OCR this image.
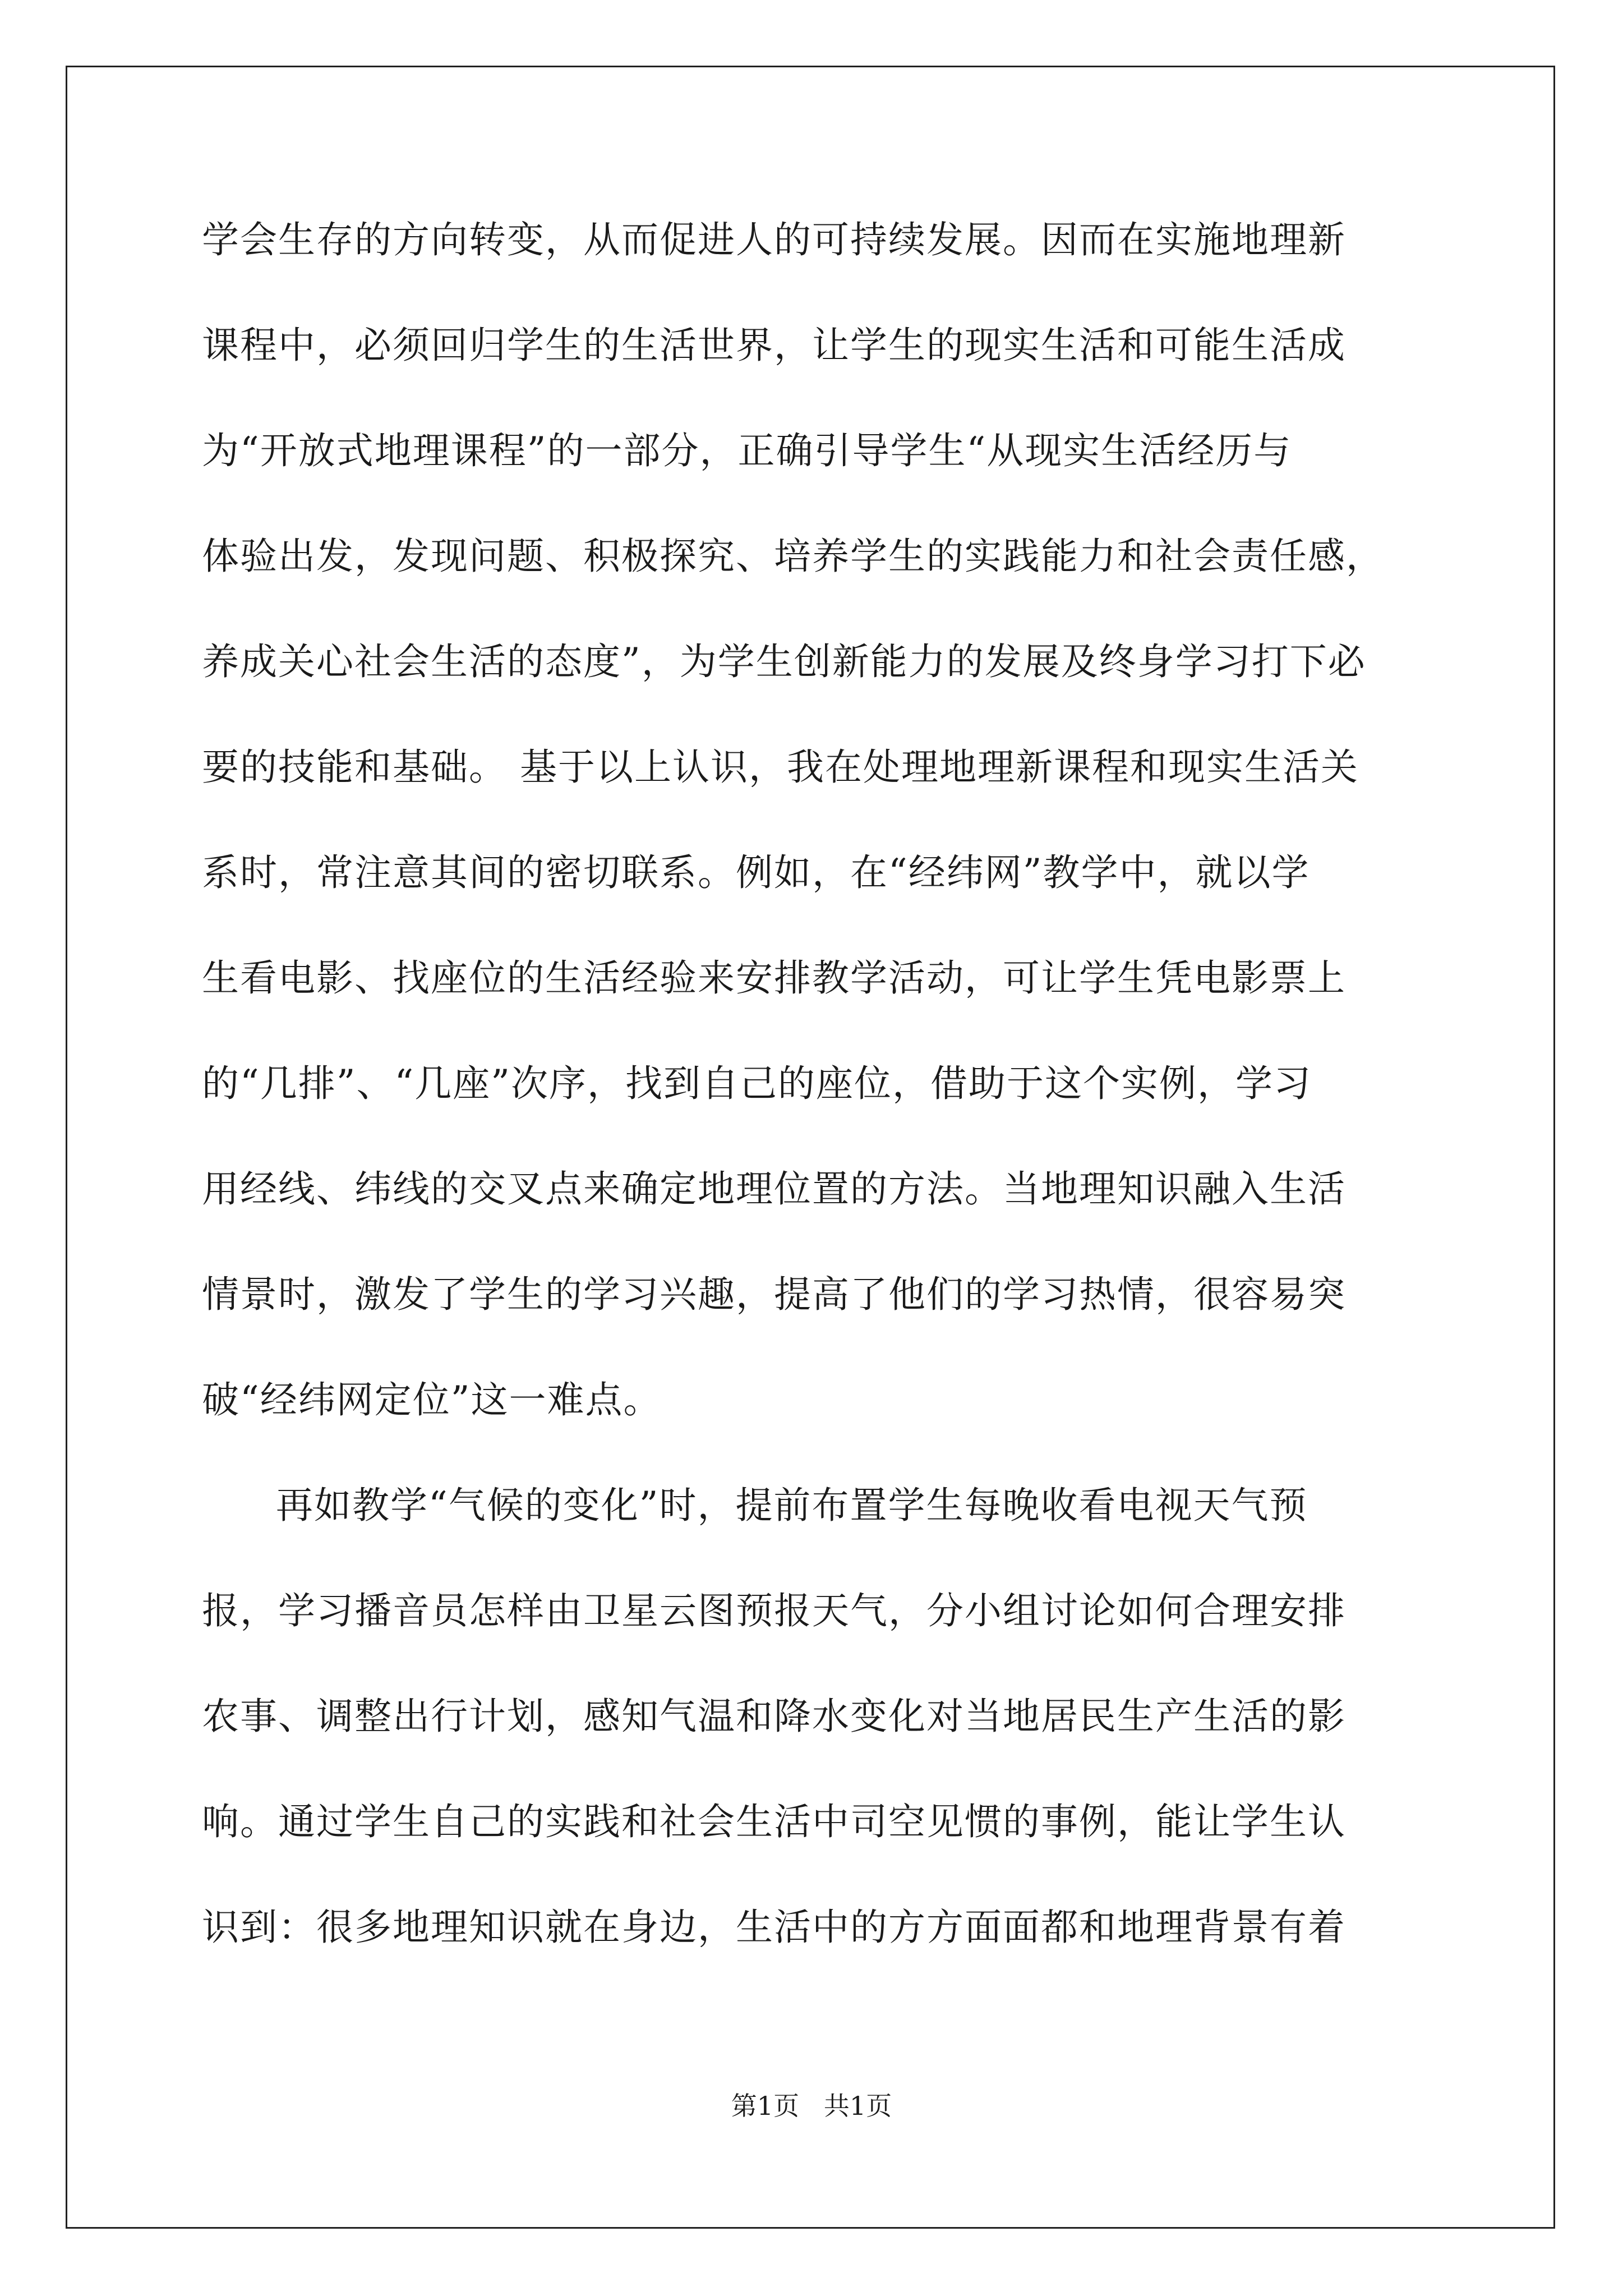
学会生存的方向转变，从而促进人的可持续发展。因而在实施地理新
课程中，必须回归学生的生活世界，让学生的现实生活和可能生活成
为“开放式地理课程”的一部分，正确引导学生“从现实生活经历与
体验出发，发现问题、积极探究、培养学生的实践能力和社会责任感，
养成关心社会生活的态度”，为学生创新能力的发展及终身学习打下必
要的技能和基础。 基于以上认识，我在处理地理新课程和现实生活关
系时，常注意其间的密切联系。例如，在“经纬网”教学中，就以学
生看电影、找座位的生活经验来安排教学活动，可让学生凭电影票上
的“几排”、“几座”次序，找到自己的座位，借助于这个实例，学习
用经线、纬线的交叉点来确定地理位置的方法。当地理知识融入生活
情景时，激发了学生的学习兴趣，提高了他们的学习热情，很容易突
破“经纬网定位”这一难点。
再如教学“气候的变化”时，提前布置学生每晚收看电视天气预
报，学习播音员怎样由卫星云图预报天气，分小组讨论如何合理安排
农事、调整出行计划，感知气温和降水变化对当地居民生产生活的影
响。通过学生自己的实践和社会生活中司空见惯的事例，能让学生认
识到：很多地理知识就在身边，生活中的方方面面都和地理背景有着
第1页   共1页
